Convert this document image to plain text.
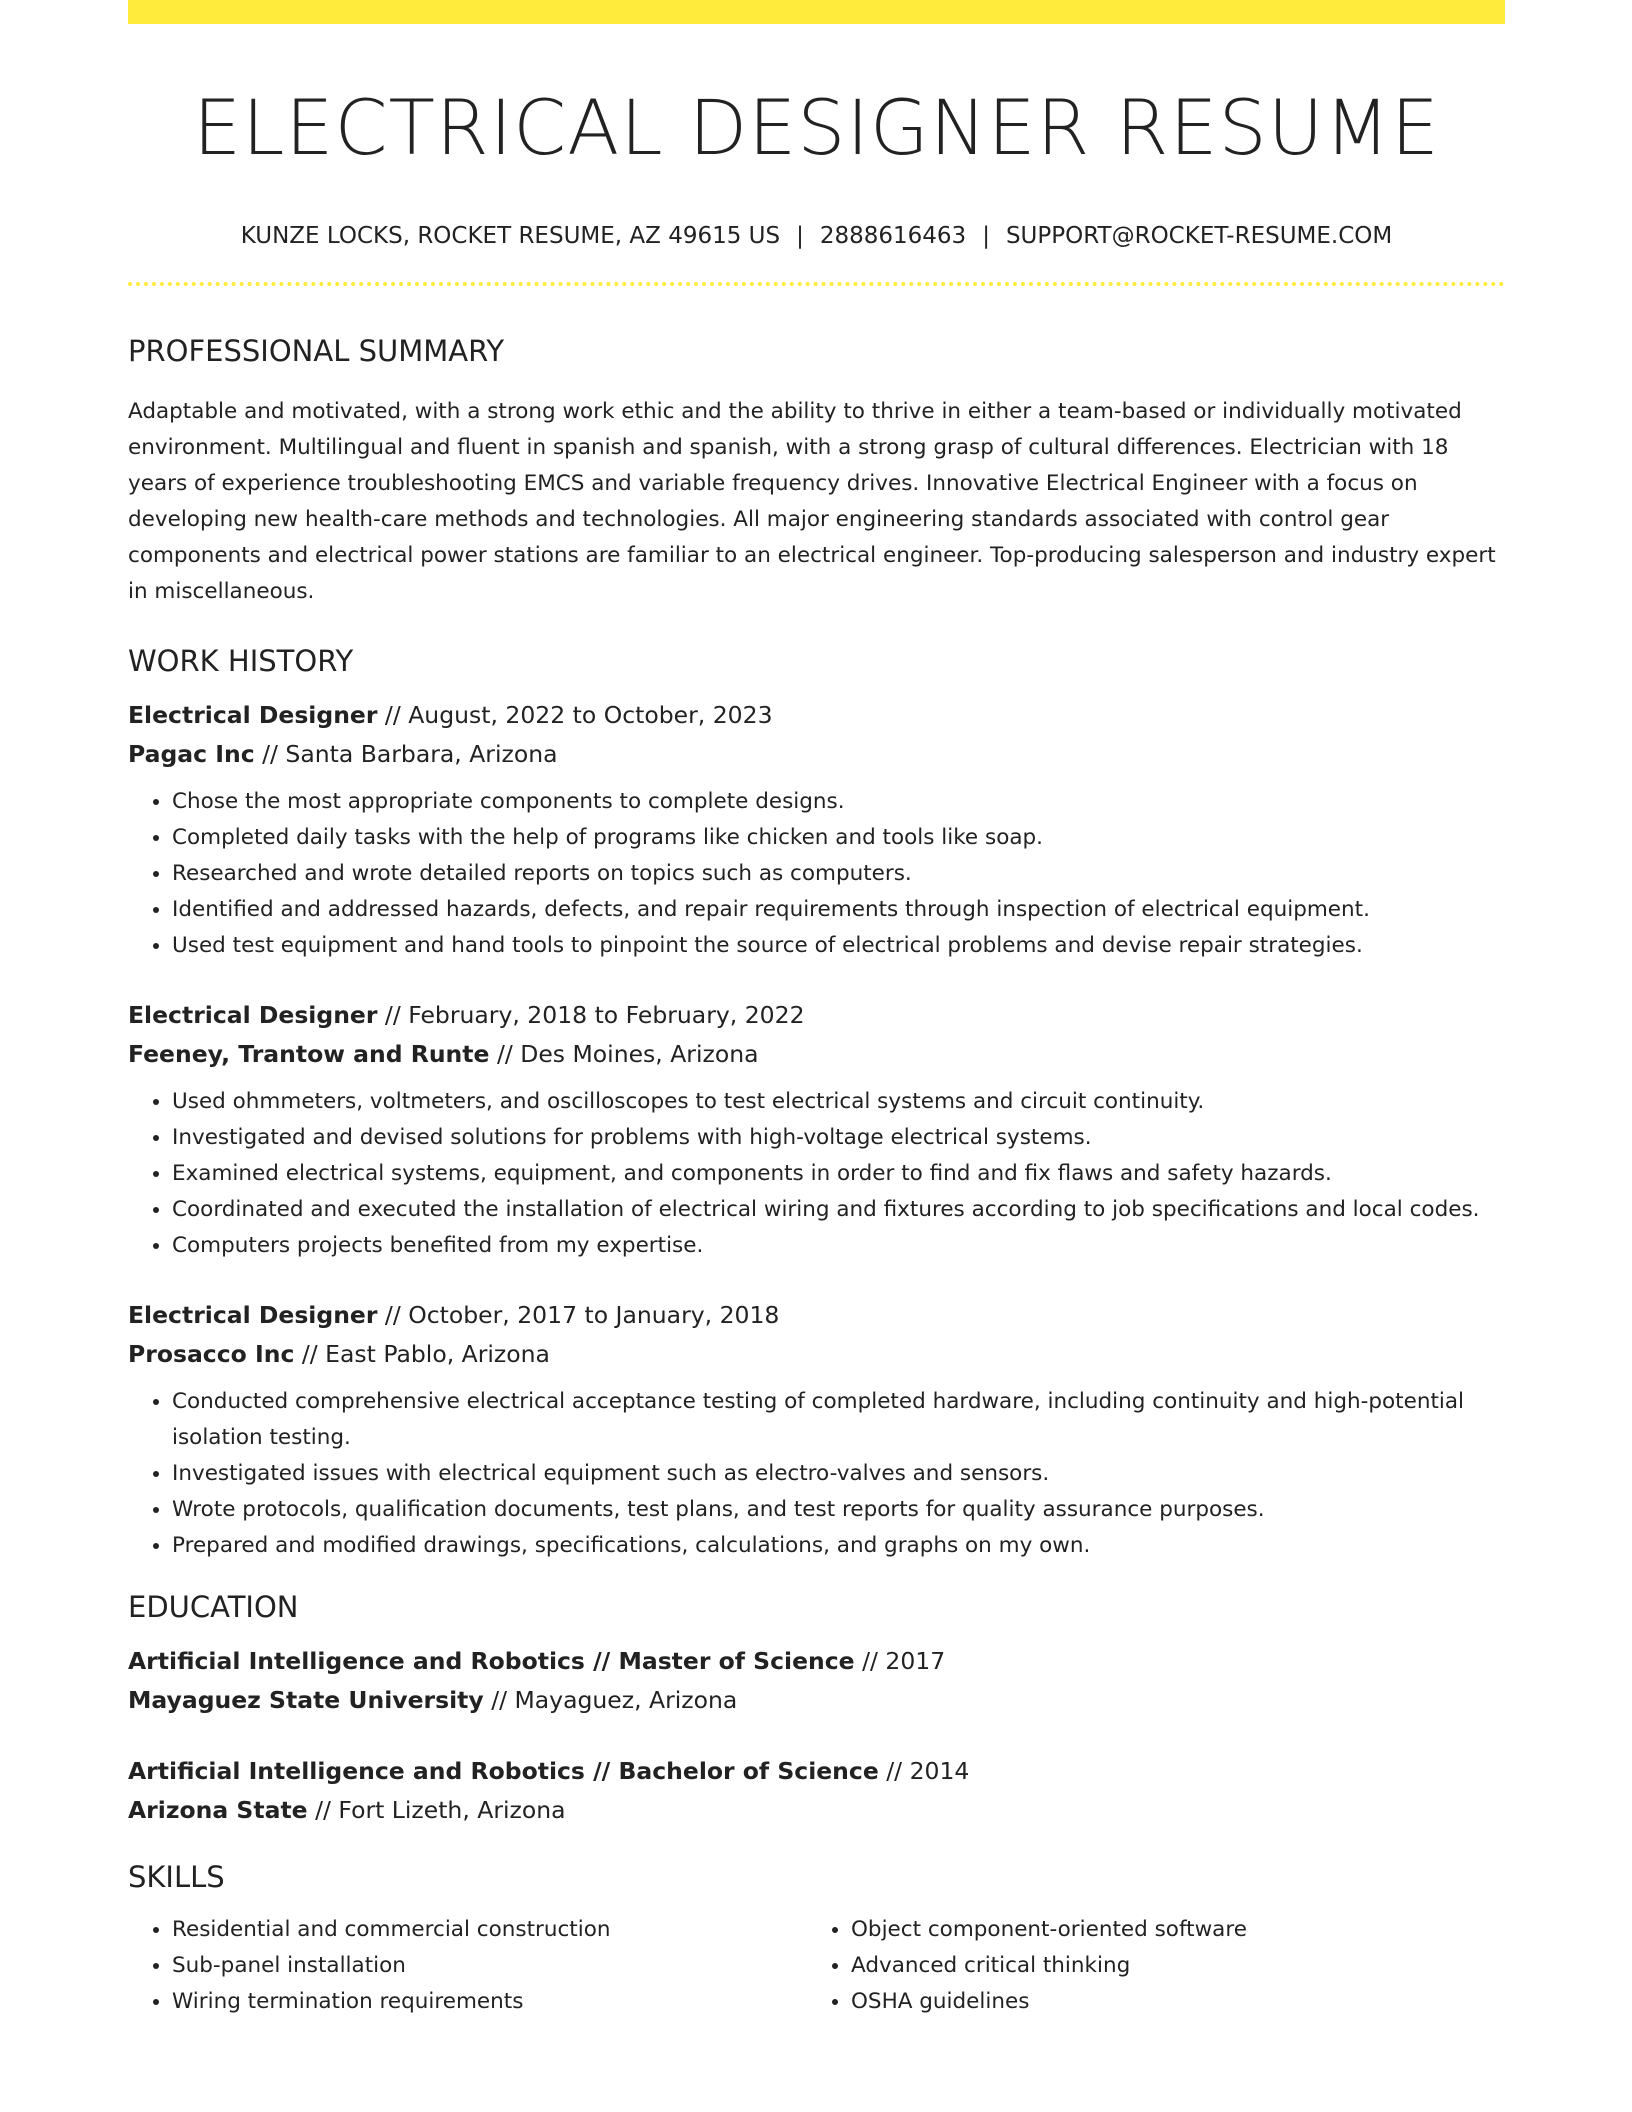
ELECTRICAL DESIGNER RESUME
KUNZE LOCKS, ROCKET RESUME, AZ 49615 US | 2888616463 | SUPPORT@ROCKET-RESUME.COM
PROFESSIONAL SUMMARY

Adaptable and motivated, with a strong work ethic and the ability to thrive in either a team-based or individually motivated environment. Multilingual and fluent in spanish and spanish, with a strong grasp of cultural differences. Electrician with 18 years of experience troubleshooting EMCS and variable frequency drives. Innovative Electrical Engineer with a focus on developing new health-care methods and technologies. All major engineering standards associated with control gear components and electrical power stations are familiar to an electrical engineer. Top-producing salesperson and industry expert in miscellaneous.

WORK HISTORY
Electrical Designer // August, 2022 to October, 2023
Pagac Inc // Santa Barbara, Arizona
• Chose the most appropriate components to complete designs.
• Completed daily tasks with the help of programs like chicken and tools like soap.
• Researched and wrote detailed reports on topics such as computers.
• Identified and addressed hazards, defects, and repair requirements through inspection of electrical equipment.
• Used test equipment and hand tools to pinpoint the source of electrical problems and devise repair strategies.
Electrical Designer // February, 2018 to February, 2022
Feeney, Trantow and Runte // Des Moines, Arizona
• Used ohmmeters, voltmeters, and oscilloscopes to test electrical systems and circuit continuity.
• Investigated and devised solutions for problems with high-voltage electrical systems.
• Examined electrical systems, equipment, and components in order to find and fix flaws and safety hazards.
• Coordinated and executed the installation of electrical wiring and fixtures according to job specifications and local codes.
• Computers projects benefited from my expertise.
Electrical Designer // October, 2017 to January, 2018
Prosacco Inc // East Pablo, Arizona
• Conducted comprehensive electrical acceptance testing of completed hardware, including continuity and high-potential isolation testing.
• Investigated issues with electrical equipment such as electro-valves and sensors.
• Wrote protocols, qualification documents, test plans, and test reports for quality assurance purposes.
• Prepared and modified drawings, specifications, calculations, and graphs on my own.
EDUCATION
Artificial Intelligence and Robotics // Master of Science // 2017
Mayaguez State University // Mayaguez, Arizona
Artificial Intelligence and Robotics // Bachelor of Science // 2014
Arizona State // Fort Lizeth, Arizona
SKILLS
• Residential and commercial construction
• Sub-panel installation
• Wiring termination requirements
• Object component-oriented software
• Advanced critical thinking
• OSHA guidelines
